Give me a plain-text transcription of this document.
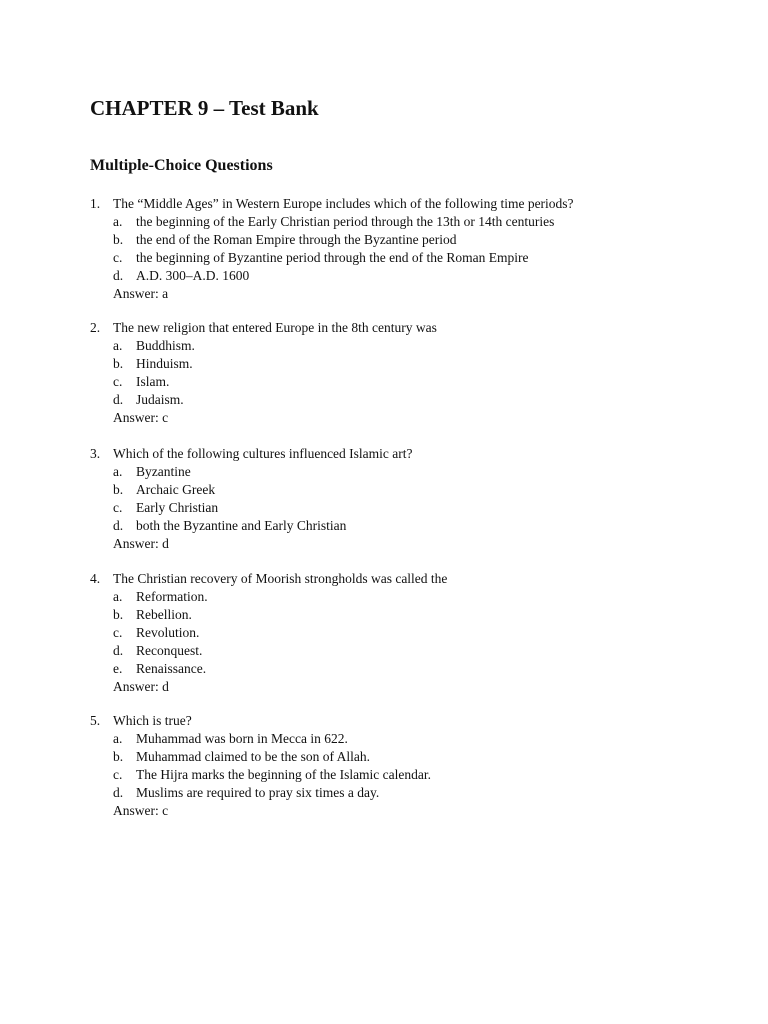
CHAPTER 9 – Test Bank
Multiple-Choice Questions
1. The “Middle Ages” in Western Europe includes which of the following time periods?
a. the beginning of the Early Christian period through the 13th or 14th centuries
b. the end of the Roman Empire through the Byzantine period
c. the beginning of Byzantine period through the end of the Roman Empire
d. A.D. 300–A.D. 1600
Answer: a
2. The new religion that entered Europe in the 8th century was
a. Buddhism.
b. Hinduism.
c. Islam.
d. Judaism.
Answer: c
3. Which of the following cultures influenced Islamic art?
a. Byzantine
b. Archaic Greek
c. Early Christian
d. both the Byzantine and Early Christian
Answer: d
4. The Christian recovery of Moorish strongholds was called the
a. Reformation.
b. Rebellion.
c. Revolution.
d. Reconquest.
e. Renaissance.
Answer: d
5. Which is true?
a. Muhammad was born in Mecca in 622.
b. Muhammad claimed to be the son of Allah.
c. The Hijra marks the beginning of the Islamic calendar.
d. Muslims are required to pray six times a day.
Answer: c
